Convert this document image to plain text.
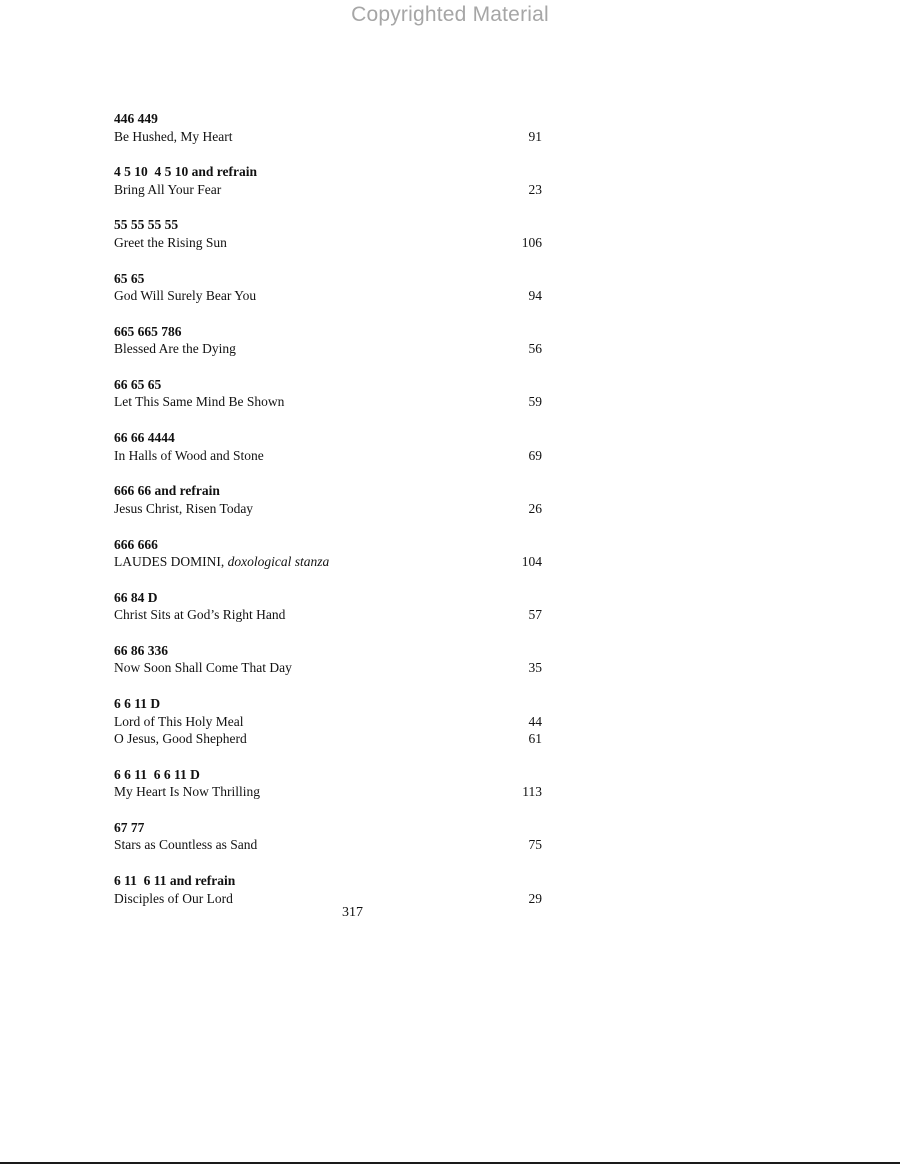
Copyrighted Material
446 449
Be Hushed, My Heart	91
4 5 10  4 5 10 and refrain
Bring All Your Fear	23
55 55 55 55
Greet the Rising Sun	106
65 65
God Will Surely Bear You	94
665 665 786
Blessed Are the Dying	56
66 65 65
Let This Same Mind Be Shown	59
66 66 4444
In Halls of Wood and Stone	69
666 66 and refrain
Jesus Christ, Risen Today	26
666 666
LAUDES DOMINI, doxological stanza	104
66 84 D
Christ Sits at God’s Right Hand	57
66 86 336
Now Soon Shall Come That Day	35
6 6 11 D
Lord of This Holy Meal	44
O Jesus, Good Shepherd	61
6 6 11  6 6 11 D
My Heart Is Now Thrilling	113
67 77
Stars as Countless as Sand	75
6 11  6 11 and refrain
Disciples of Our Lord	29
317
